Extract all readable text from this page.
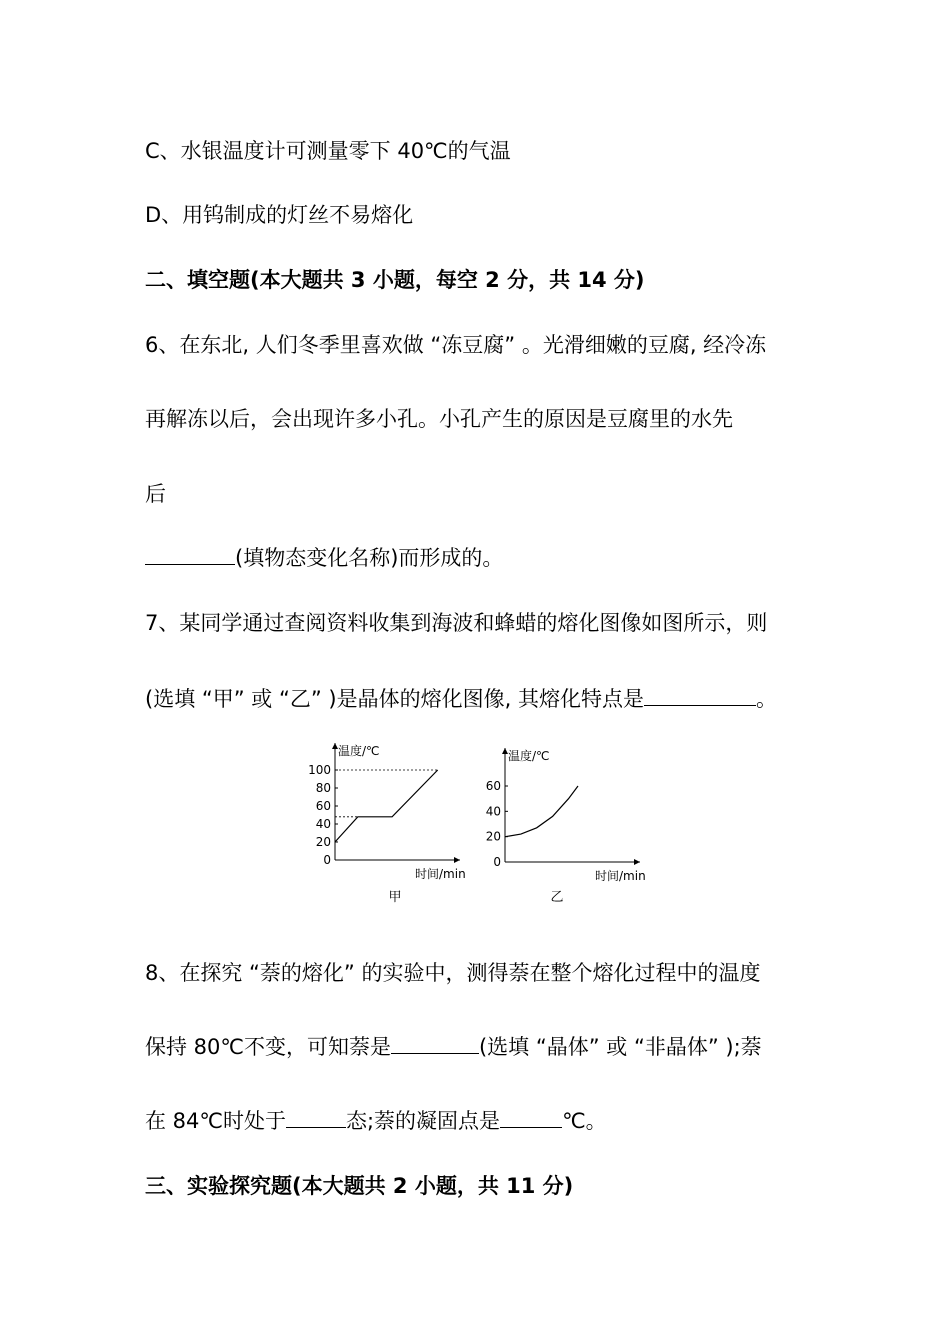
C、水银温度计可测量零下 40℃的气温
D、用钨制成的灯丝不易熔化
二、填空题(本大题共 3 小题，每空 2 分，共 14 分)
6、在东北, 人们冬季里喜欢做 “冻豆腐” 。光滑细嫩的豆腐, 经冷冻
再解冻以后，会出现许多小孔。小孔产生的原因是豆腐里的水先
后
(填物态变化名称)而形成的。
7、某同学通过查阅资料收集到海波和蜂蜡的熔化图像如图所示，则
(选填 “甲” 或 “乙” )是晶体的熔化图像, 其熔化特点是	。
温度/℃
时间/min
100
80
60
40
20
0
甲
温度/℃
时间/min
60
40
20
0
乙
8、在探究 “萘的熔化” 的实验中，测得萘在整个熔化过程中的温度
保持 80℃不变，可知萘是	(选填 “晶体” 或 “非晶体” );萘
在 84℃时处于	态;萘的凝固点是	℃。
三、实验探究题(本大题共 2 小题，共 11 分)
